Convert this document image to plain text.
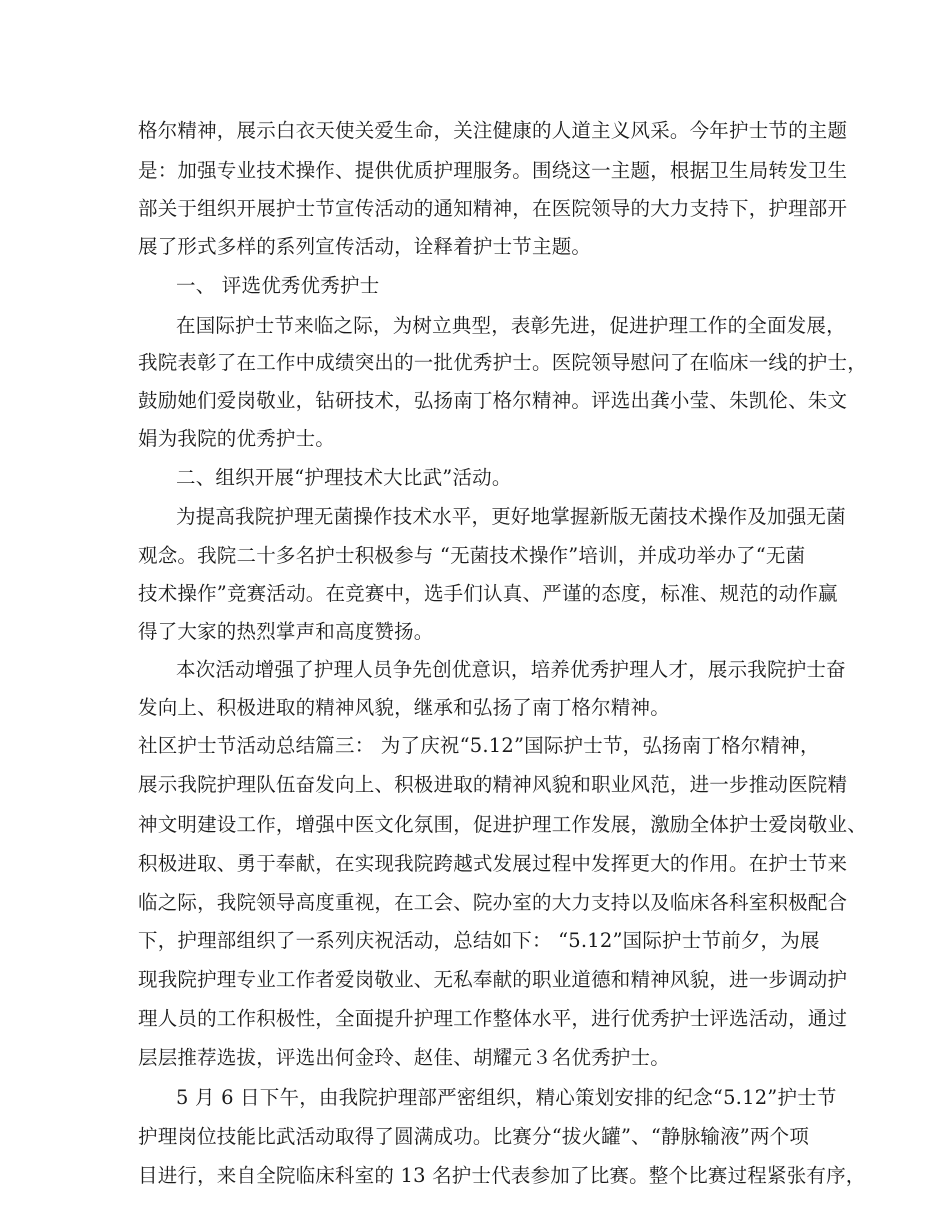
格尔精神，展示白衣天使关爱生命，关注健康的人道主义风采。今年护士节的主题
是：加强专业技术操作、提供优质护理服务。围绕这一主题，根据卫生局转发卫生
部关于组织开展护士节宣传活动的通知精神，在医院领导的大力支持下，护理部开
展了形式多样的系列宣传活动，诠释着护士节主题。
一、 评选优秀优秀护士
在国际护士节来临之际，为树立典型，表彰先进，促进护理工作的全面发展，
我院表彰了在工作中成绩突出的一批优秀护士。医院领导慰问了在临床一线的护士，
鼓励她们爱岗敬业，钻研技术，弘扬南丁格尔精神。评选出龚小莹、朱凯伦、朱文
娟为我院的优秀护士。
二、组织开展“护理技术大比武”活动。
为提高我院护理无菌操作技术水平，更好地掌握新版无菌技术操作及加强无菌
观念。我院二十多名护士积极参与 “无菌技术操作”培训，并成功举办了“无菌
技术操作”竞赛活动。在竞赛中，选手们认真、严谨的态度，标准、规范的动作赢
得了大家的热烈掌声和高度赞扬。
本次活动增强了护理人员争先创优意识，培养优秀护理人才，展示我院护士奋
发向上、积极进取的精神风貌，继承和弘扬了南丁格尔精神。
社区护士节活动总结篇三： 为了庆祝“5.12”国际护士节，弘扬南丁格尔精神，
展示我院护理队伍奋发向上、积极进取的精神风貌和职业风范，进一步推动医院精
神文明建设工作，增强中医文化氛围，促进护理工作发展，激励全体护士爱岗敬业、
积极进取、勇于奉献，在实现我院跨越式发展过程中发挥更大的作用。在护士节来
临之际，我院领导高度重视，在工会、院办室的大力支持以及临床各科室积极配合
下，护理部组织了一系列庆祝活动，总结如下： “5.12”国际护士节前夕，为展
现我院护理专业工作者爱岗敬业、无私奉献的职业道德和精神风貌，进一步调动护
理人员的工作积极性，全面提升护理工作整体水平，进行优秀护士评选活动，通过
层层推荐选拔，评选出何金玲、赵佳、胡耀元３名优秀护士。
5 月 6 日下午，由我院护理部严密组织，精心策划安排的纪念“5.12”护士节
护理岗位技能比武活动取得了圆满成功。比赛分“拔火罐”、“静脉输液”两个项
目进行，来自全院临床科室的 13 名护士代表参加了比赛。整个比赛过程紧张有序，
